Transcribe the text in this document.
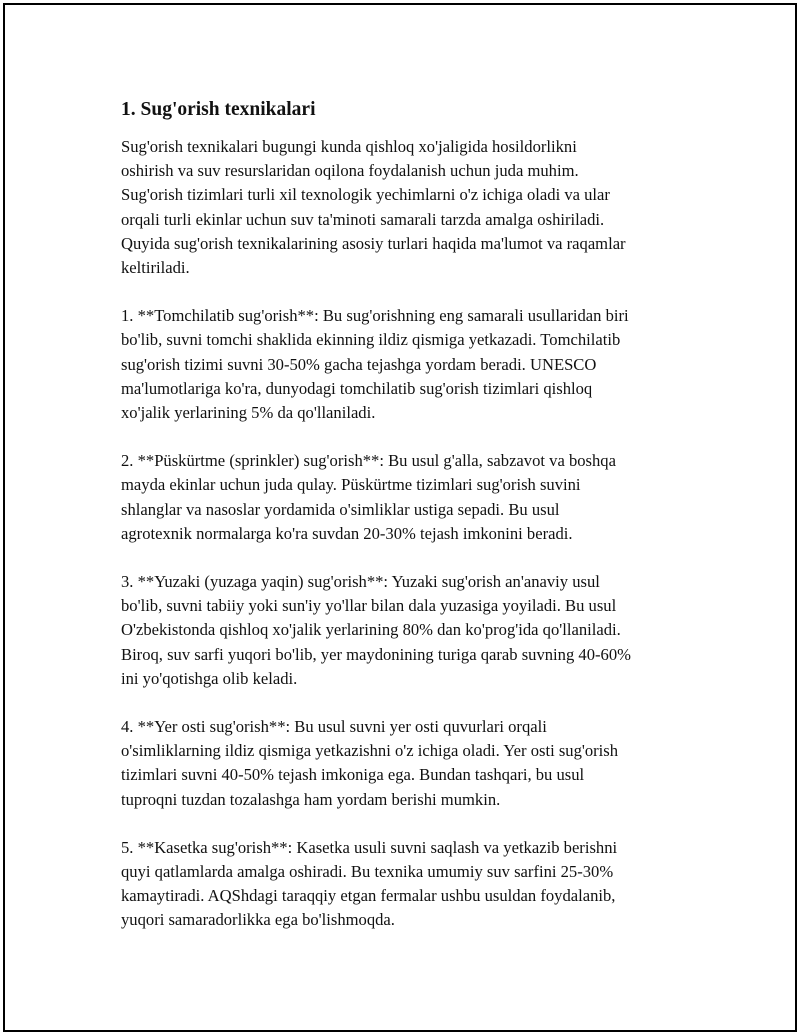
1. Sug'orish texnikalari

Sug'orish texnikalari bugungi kunda qishloq xo'jaligida hosildorlikni
oshirish va suv resurslaridan oqilona foydalanish uchun juda muhim.
Sug'orish tizimlari turli xil texnologik yechimlarni o'z ichiga oladi va ular
orqali turli ekinlar uchun suv ta'minoti samarali tarzda amalga oshiriladi.
Quyida sug'orish texnikalarining asosiy turlari haqida ma'lumot va raqamlar
keltiriladi.

1. **Tomchilatib sug'orish**: Bu sug'orishning eng samarali usullaridan biri
bo'lib, suvni tomchi shaklida ekinning ildiz qismiga yetkazadi. Tomchilatib
sug'orish tizimi suvni 30-50% gacha tejashga yordam beradi. UNESCO
ma'lumotlariga ko'ra, dunyodagi tomchilatib sug'orish tizimlari qishloq
xo'jalik yerlarining 5% da qo'llaniladi.

2. **Püskürtme (sprinkler) sug'orish**: Bu usul g'alla, sabzavot va boshqa
mayda ekinlar uchun juda qulay. Püskürtme tizimlari sug'orish suvini
shlanglar va nasoslar yordamida o'simliklar ustiga sepadi. Bu usul
agrotexnik normalarga ko'ra suvdan 20-30% tejash imkonini beradi.

3. **Yuzaki (yuzaga yaqin) sug'orish**: Yuzaki sug'orish an'anaviy usul
bo'lib, suvni tabiiy yoki sun'iy yo'llar bilan dala yuzasiga yoyiladi. Bu usul
O'zbekistonda qishloq xo'jalik yerlarining 80% dan ko'prog'ida qo'llaniladi.
Biroq, suv sarfi yuqori bo'lib, yer maydonining turiga qarab suvning 40-60%
ini yo'qotishga olib keladi.

4. **Yer osti sug'orish**: Bu usul suvni yer osti quvurlari orqali
o'simliklarning ildiz qismiga yetkazishni o'z ichiga oladi. Yer osti sug'orish
tizimlari suvni 40-50% tejash imkoniga ega. Bundan tashqari, bu usul
tuproqni tuzdan tozalashga ham yordam berishi mumkin.

5. **Kasetka sug'orish**: Kasetka usuli suvni saqlash va yetkazib berishni
quyi qatlamlarda amalga oshiradi. Bu texnika umumiy suv sarfini 25-30%
kamaytiradi. AQShdagi taraqqiy etgan fermalar ushbu usuldan foydalanib,
yuqori samaradorlikka ega bo'lishmoqda.
